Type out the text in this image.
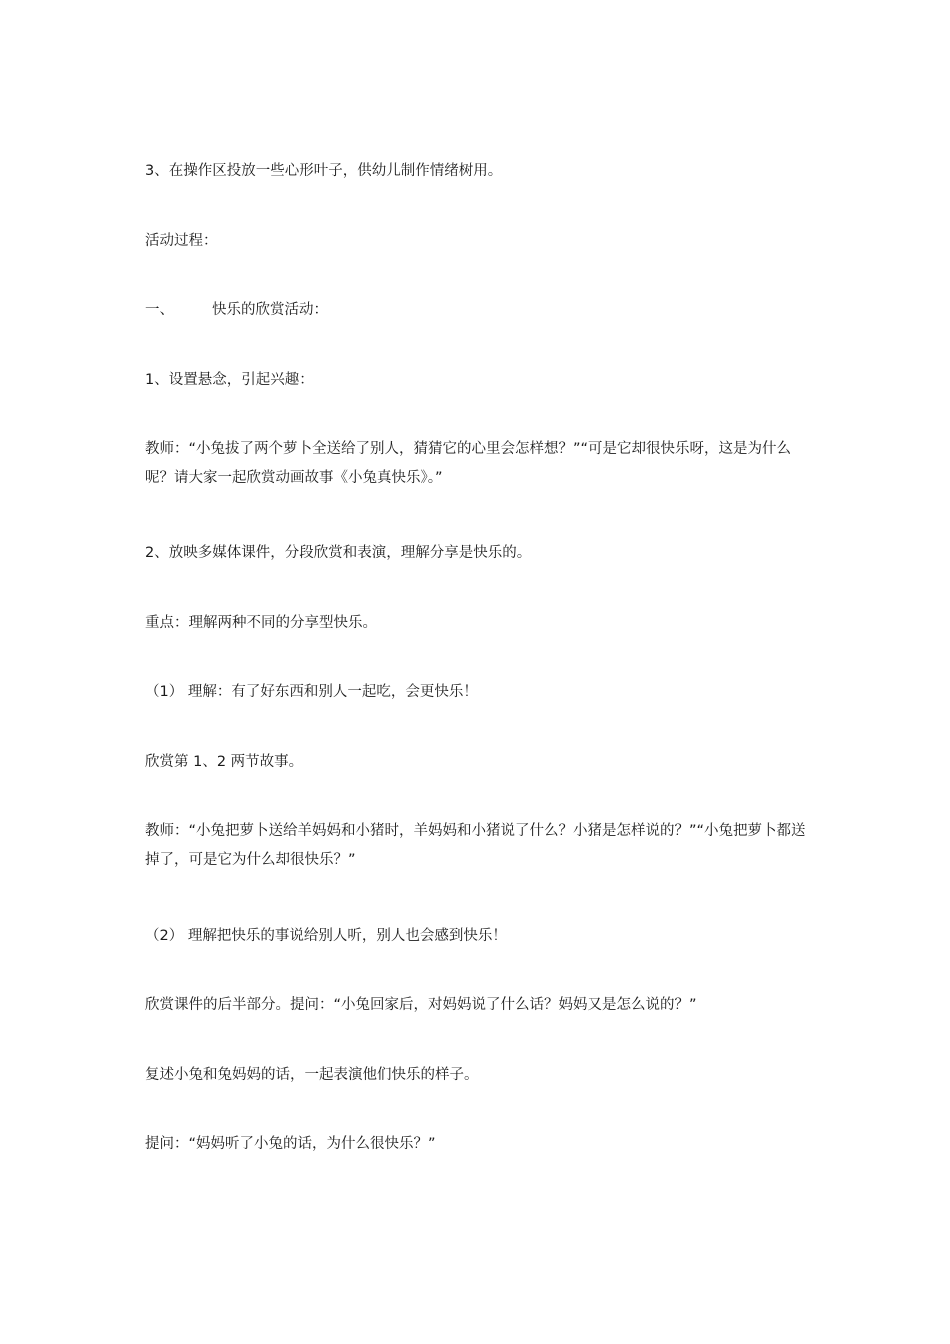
3、在操作区投放一些心形叶子，供幼儿制作情绪树用。

活动过程：

一、	快乐的欣赏活动：

1、设置悬念，引起兴趣：

教师：“小兔拔了两个萝卜全送给了别人，猜猜它的心里会怎样想？”“可是它却很快乐呀，这是为什么呢？请大家一起欣赏动画故事《小兔真快乐》。”

2、放映多媒体课件，分段欣赏和表演，理解分享是快乐的。

重点：理解两种不同的分享型快乐。

（1） 理解：有了好东西和别人一起吃，会更快乐！

欣赏第 1、2 两节故事。

教师：“小兔把萝卜送给羊妈妈和小猪时，羊妈妈和小猪说了什么？小猪是怎样说的？”“小兔把萝卜都送掉了，可是它为什么却很快乐？”

（2） 理解把快乐的事说给别人听，别人也会感到快乐！

欣赏课件的后半部分。提问：“小兔回家后，对妈妈说了什么话？妈妈又是怎么说的？”

复述小兔和兔妈妈的话，一起表演他们快乐的样子。

提问：“妈妈听了小兔的话，为什么很快乐？”
